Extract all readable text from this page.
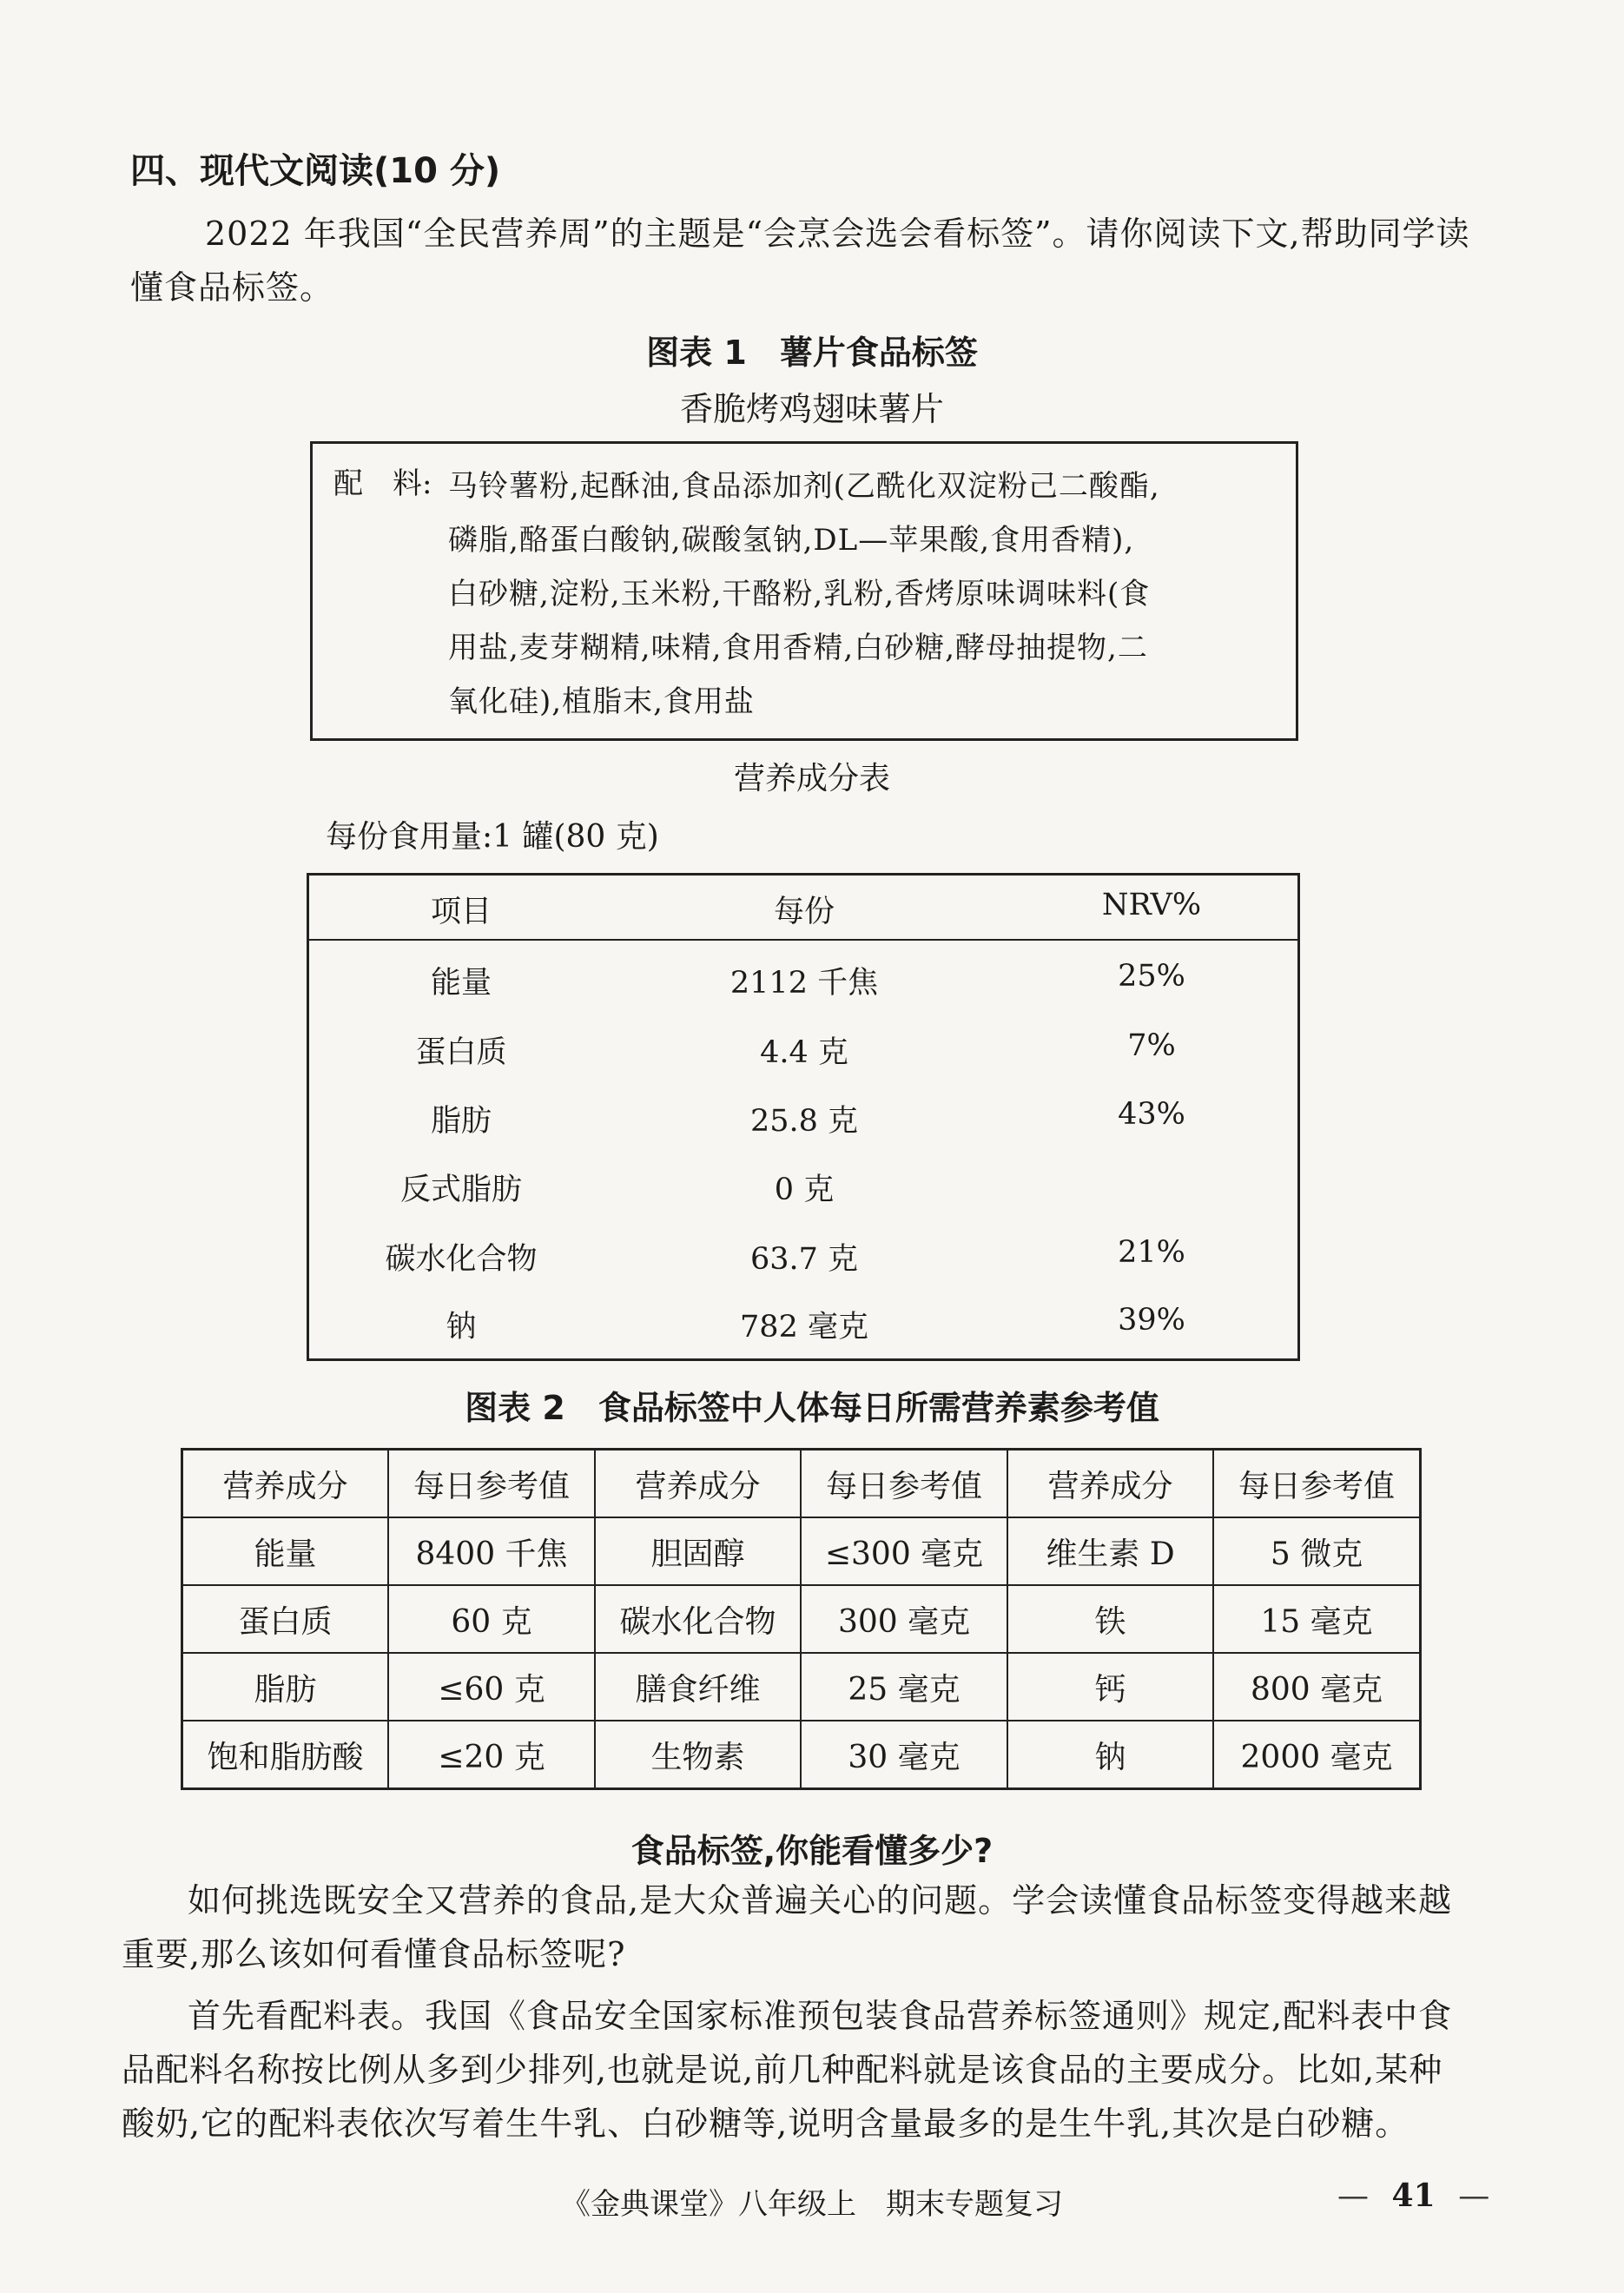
四、现代文阅读(10 分)
2022 年我国“全民营养周”的主题是“会烹会选会看标签”。请你阅读下文,帮助同学读懂食品标签。
图表 1　薯片食品标签
香脆烤鸡翅味薯片
配　料: 马铃薯粉,起酥油,食品添加剂(乙酰化双淀粉己二酸酯,
磷脂,酪蛋白酸钠,碳酸氢钠,DL—苹果酸,食用香精),
白砂糖,淀粉,玉米粉,干酪粉,乳粉,香烤原味调味料(食
用盐,麦芽糊精,味精,食用香精,白砂糖,酵母抽提物,二
氧化硅),植脂末,食用盐
营养成分表
每份食用量:1 罐(80 克)
项目	每份	NRV%
能量	2112 千焦	25%
蛋白质	4.4 克	7%
脂肪	25.8 克	43%
反式脂肪	0 克
碳水化合物	63.7 克	21%
钠	782 毫克	39%
图表 2　食品标签中人体每日所需营养素参考值
营养成分	每日参考值	营养成分	每日参考值	营养成分	每日参考值
能量	8400 千焦	胆固醇	≤300 毫克	维生素 D	5 微克
蛋白质	60 克	碳水化合物	300 毫克	铁	15 毫克
脂肪	≤60 克	膳食纤维	25 毫克	钙	800 毫克
饱和脂肪酸	≤20 克	生物素	30 毫克	钠	2000 毫克
食品标签,你能看懂多少?
如何挑选既安全又营养的食品,是大众普遍关心的问题。学会读懂食品标签变得越来越重要,那么该如何看懂食品标签呢?
首先看配料表。我国《食品安全国家标准预包装食品营养标签通则》规定,配料表中食品配料名称按比例从多到少排列,也就是说,前几种配料就是该食品的主要成分。比如,某种酸奶,它的配料表依次写着生牛乳、白砂糖等,说明含量最多的是生牛乳,其次是白砂糖。
《金典课堂》八年级上　期末专题复习	— 41 —
